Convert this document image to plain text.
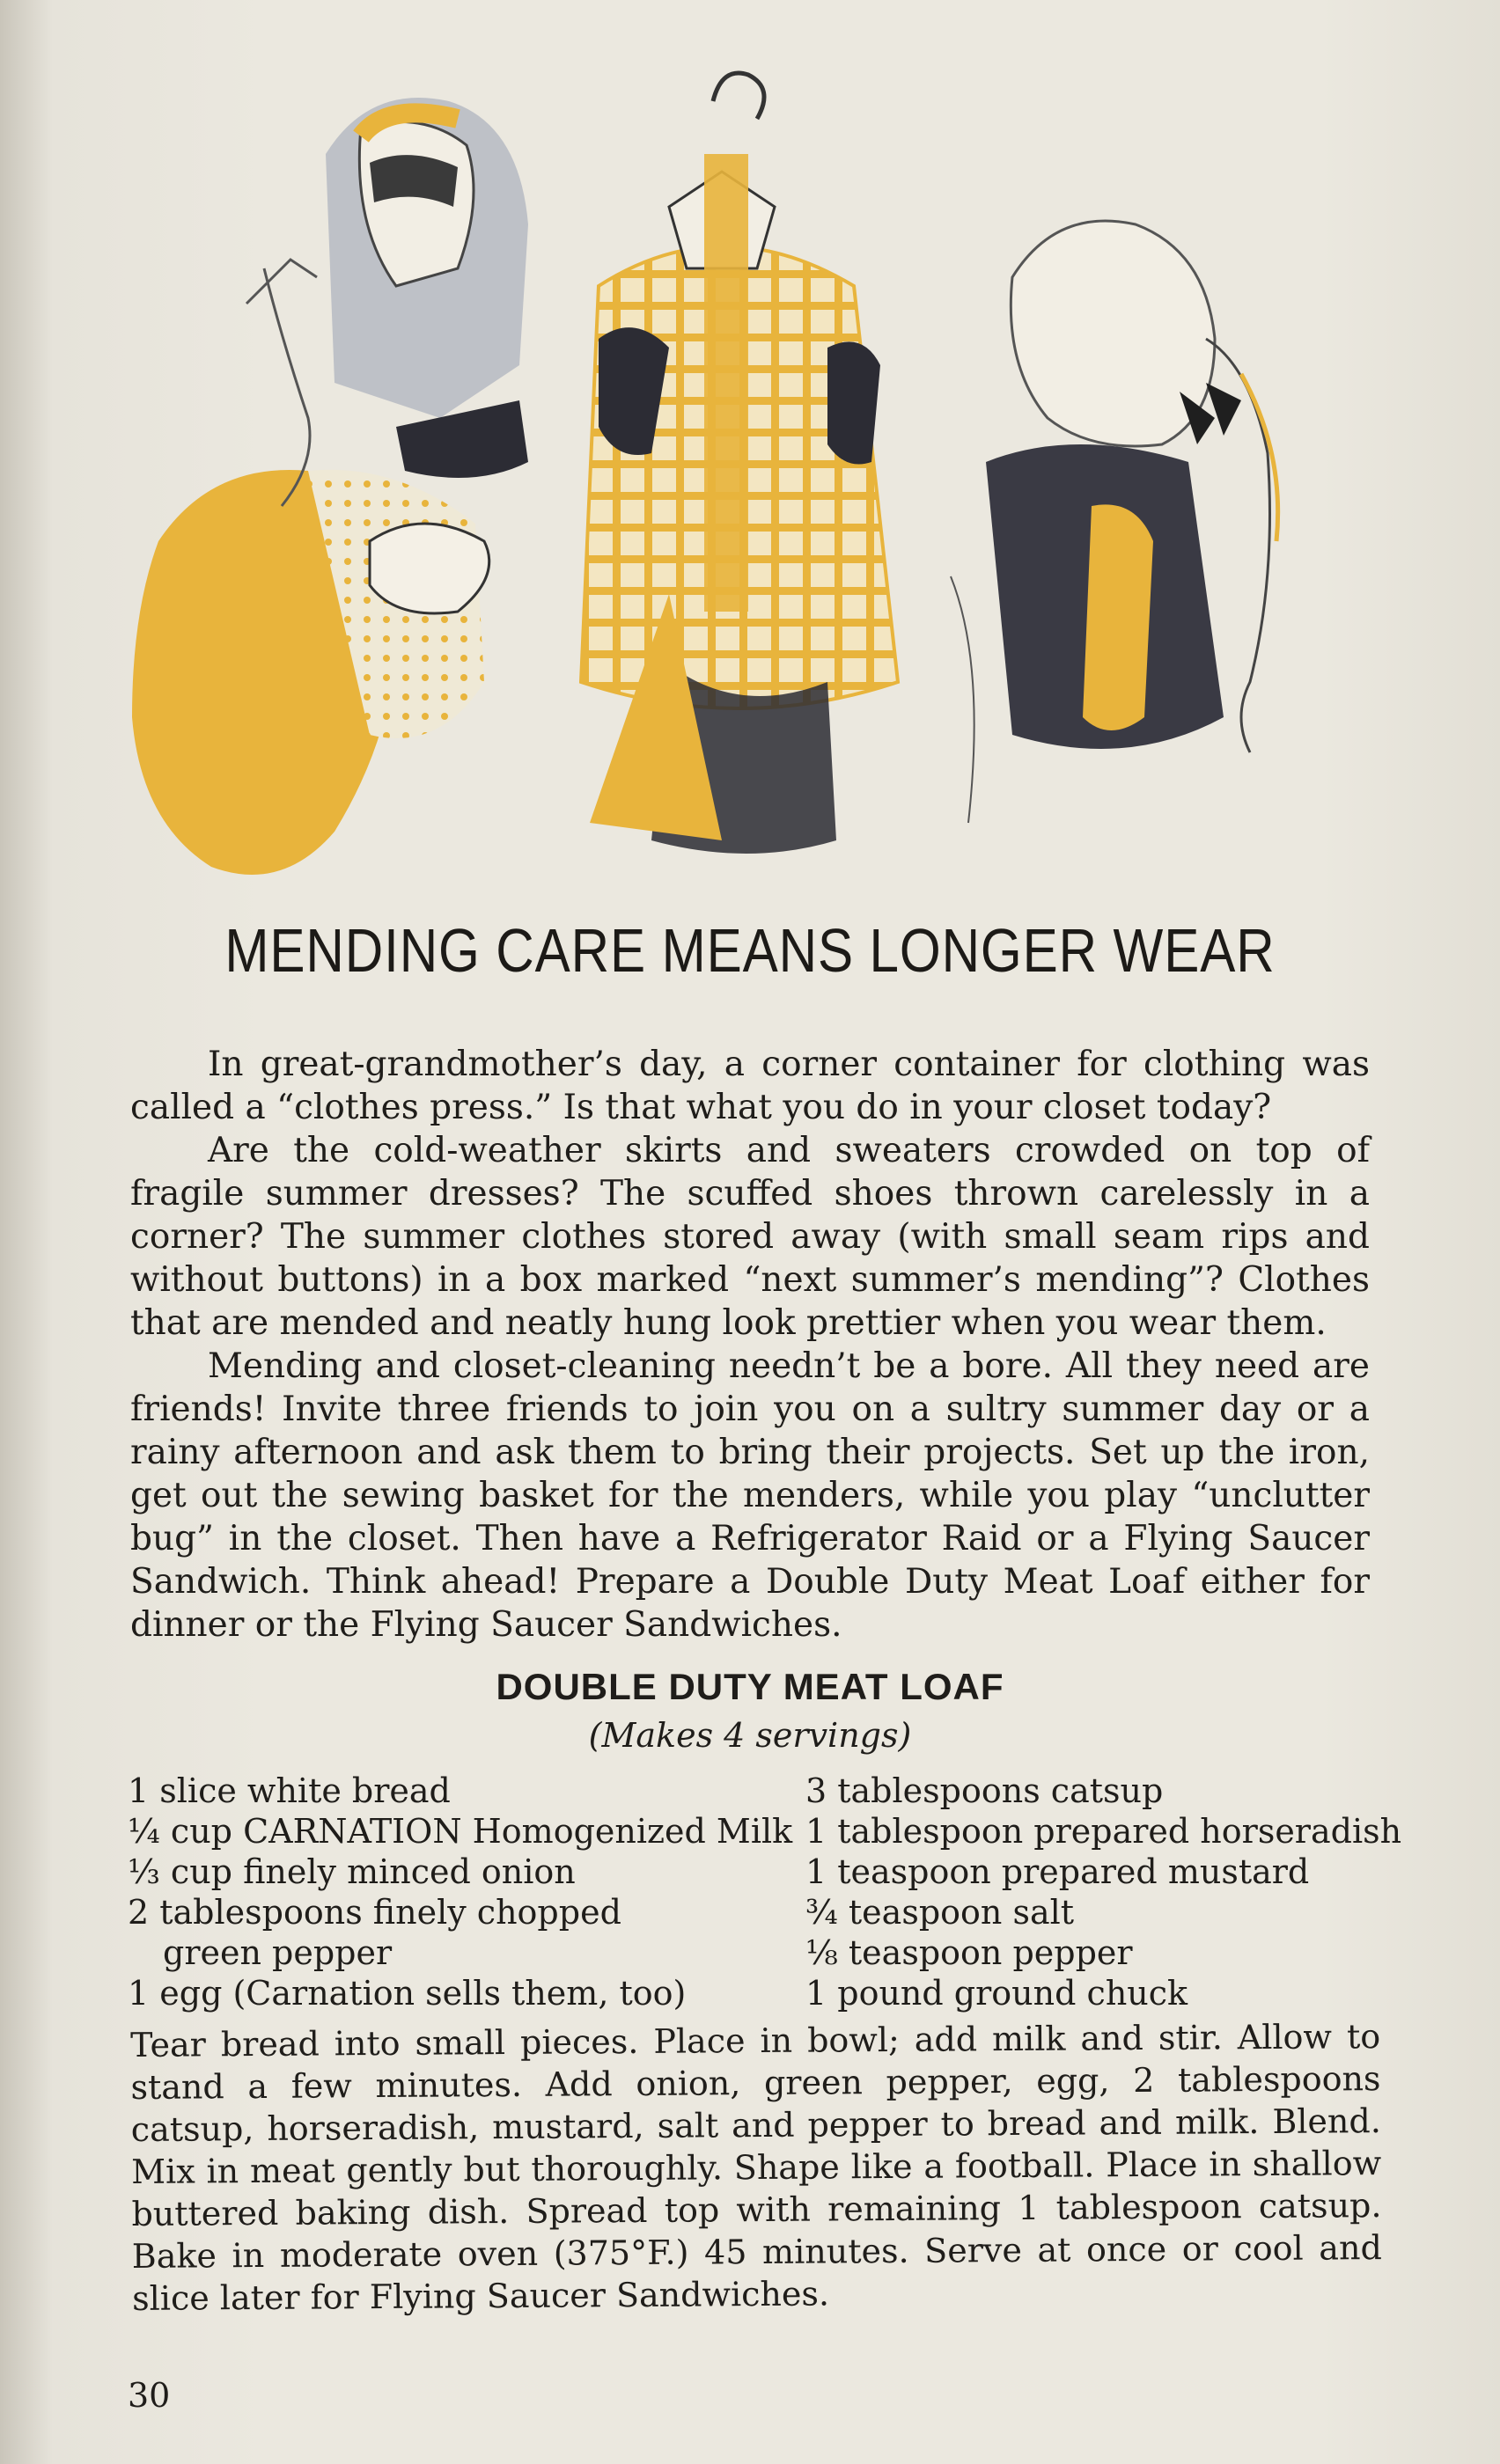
MENDING CARE MEANS LONGER WEAR

In great-grandmother’s day, a corner container for clothing was called a “clothes press.” Is that what you do in your closet today?

Are the cold-weather skirts and sweaters crowded on top of fragile summer dresses? The scuffed shoes thrown carelessly in a corner? The summer clothes stored away (with small seam rips and without buttons) in a box marked “next summer’s mending”? Clothes that are mended and neatly hung look prettier when you wear them.

Mending and closet-cleaning needn’t be a bore. All they need are friends! Invite three friends to join you on a sultry summer day or a rainy afternoon and ask them to bring their projects. Set up the iron, get out the sewing basket for the menders, while you play “unclutter bug” in the closet. Then have a Refrigerator Raid or a Flying Saucer Sandwich. Think ahead! Prepare a Double Duty Meat Loaf either for dinner or the Flying Saucer Sandwiches.

DOUBLE DUTY MEAT LOAF

(Makes 4 servings)

1 slice white bread
¼ cup CARNATION Homogenized Milk
⅓ cup finely minced onion
2 tablespoons finely chopped
green pepper
1 egg (Carnation sells them, too)
3 tablespoons catsup
1 tablespoon prepared horseradish
1 teaspoon prepared mustard
¾ teaspoon salt
⅛ teaspoon pepper
1 pound ground chuck

Tear bread into small pieces. Place in bowl; add milk and stir. Allow to stand a few minutes. Add onion, green pepper, egg, 2 tablespoons catsup, horseradish, mustard, salt and pepper to bread and milk. Blend. Mix in meat gently but thoroughly. Shape like a football. Place in shallow buttered baking dish. Spread top with remaining 1 tablespoon catsup. Bake in moderate oven (375°F.) 45 minutes. Serve at once or cool and slice later for Flying Saucer Sandwiches.

30
